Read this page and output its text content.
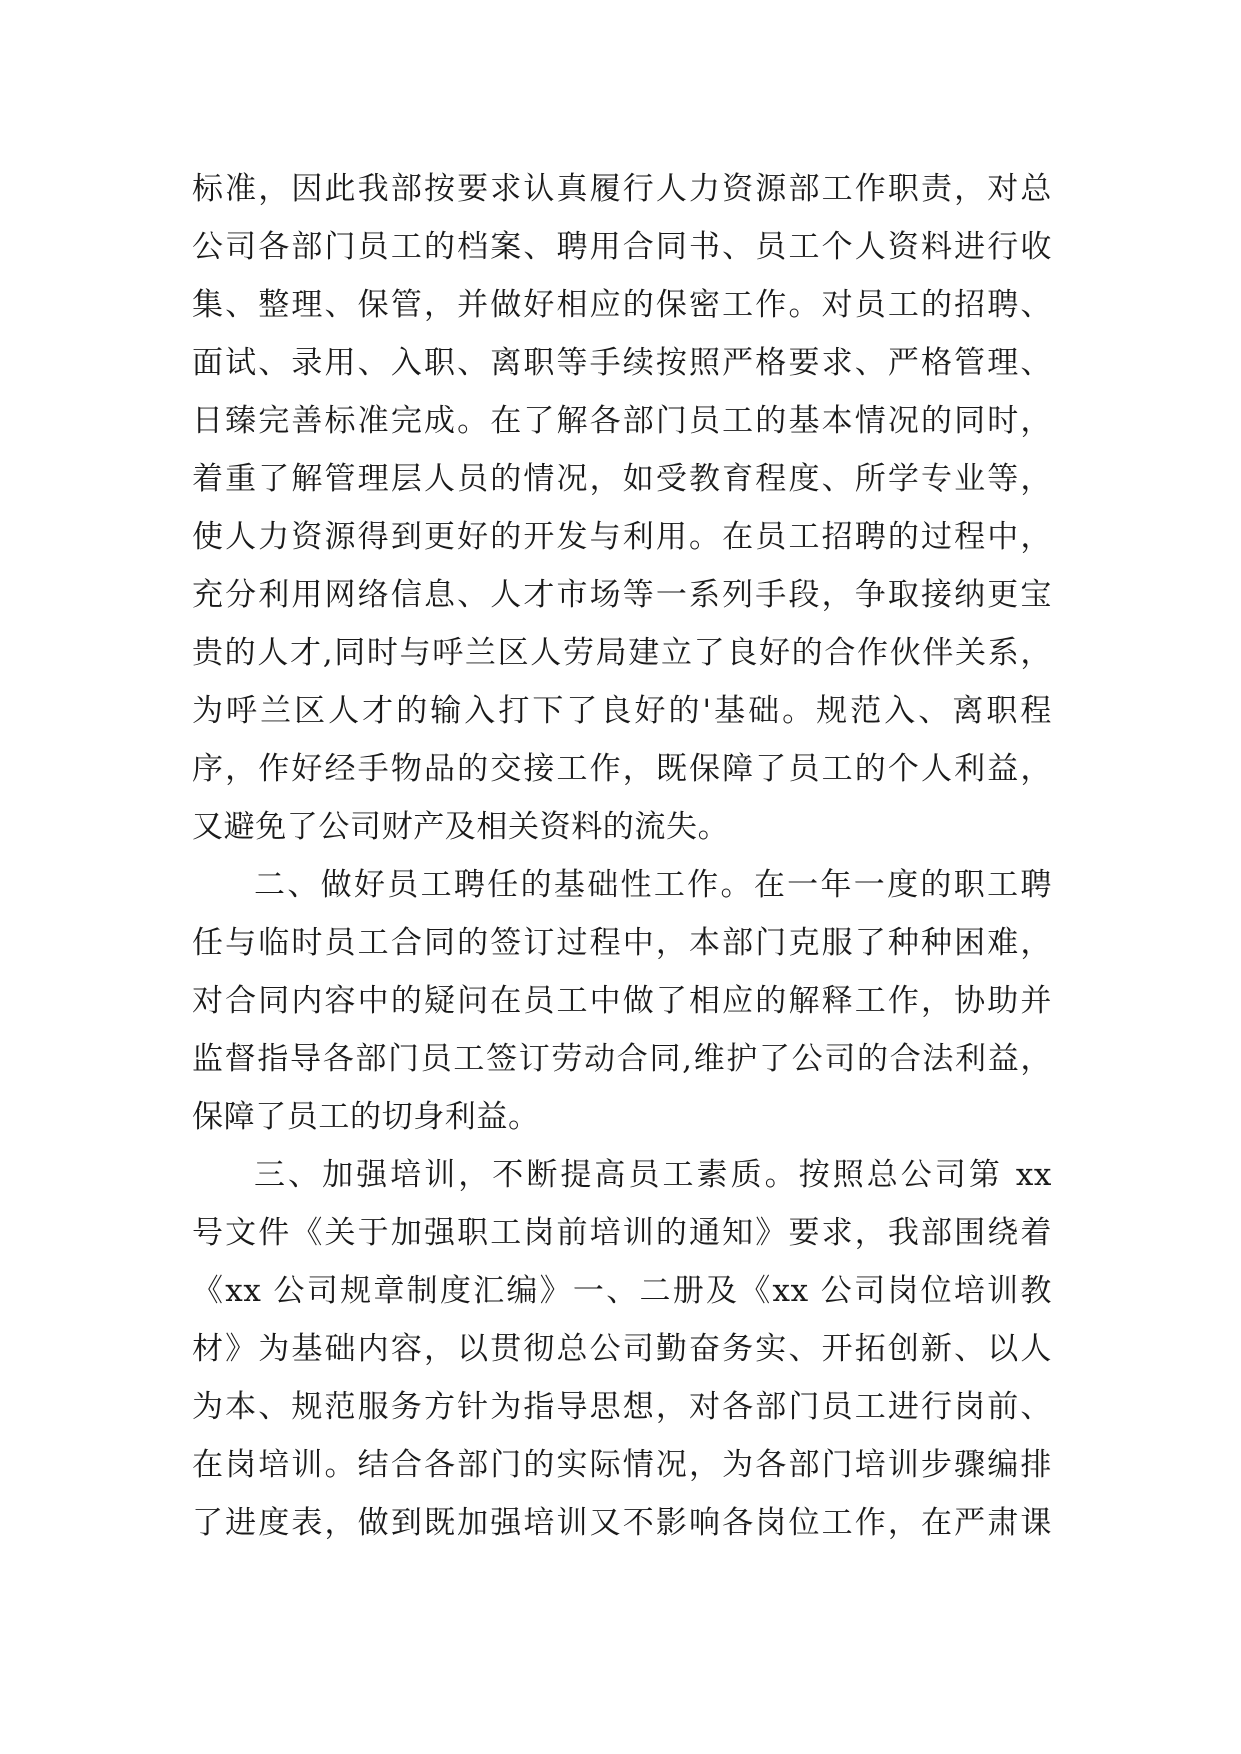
标准，因此我部按要求认真履行人力资源部工作职责，对总
公司各部门员工的档案、聘用合同书、员工个人资料进行收
集、整理、保管，并做好相应的保密工作。对员工的招聘、
面试、录用、入职、离职等手续按照严格要求、严格管理、
日臻完善标准完成。在了解各部门员工的基本情况的同时，
着重了解管理层人员的情况，如受教育程度、所学专业等，
使人力资源得到更好的开发与利用。在员工招聘的过程中，
充分利用网络信息、人才市场等一系列手段，争取接纳更宝
贵的人才,同时与呼兰区人劳局建立了良好的合作伙伴关系，
为呼兰区人才的输入打下了良好的'基础。规范入、离职程
序，作好经手物品的交接工作，既保障了员工的个人利益，
又避免了公司财产及相关资料的流失。
二、做好员工聘任的基础性工作。在一年一度的职工聘
任与临时员工合同的签订过程中，本部门克服了种种困难，
对合同内容中的疑问在员工中做了相应的解释工作，协助并
监督指导各部门员工签订劳动合同,维护了公司的合法利益，
保障了员工的切身利益。
三、加强培训，不断提高员工素质。按照总公司第 xx
号文件《关于加强职工岗前培训的通知》要求，我部围绕着
《xx 公司规章制度汇编》一、二册及《xx 公司岗位培训教
材》为基础内容，以贯彻总公司勤奋务实、开拓创新、以人
为本、规范服务方针为指导思想，对各部门员工进行岗前、
在岗培训。结合各部门的实际情况，为各部门培训步骤编排
了进度表，做到既加强培训又不影响各岗位工作，在严肃课
